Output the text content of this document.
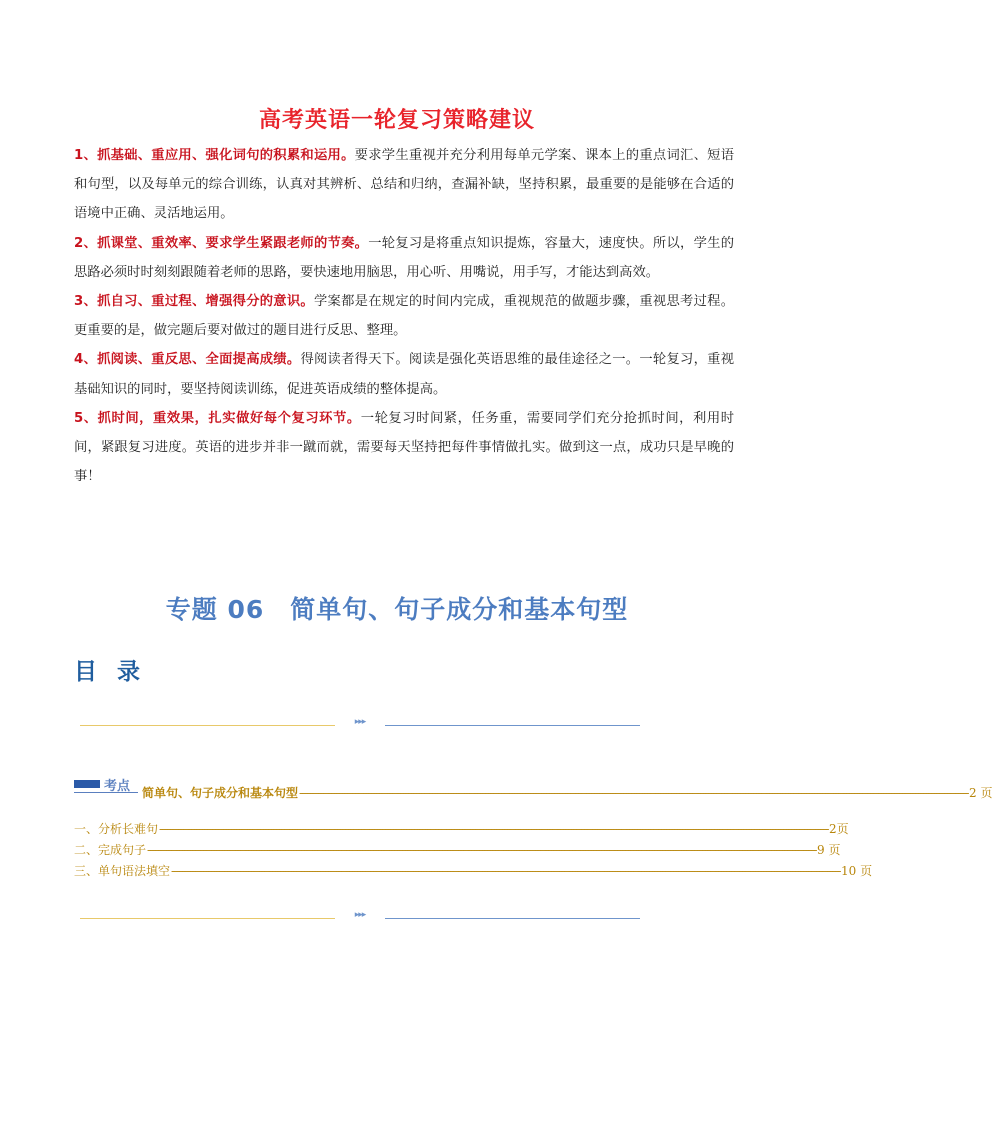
高考英语一轮复习策略建议

1、抓基础、重应用、强化词句的积累和运用。要求学生重视并充分利用每单元学案、课本上的重点词汇、短语和句型，以及每单元的综合训练，认真对其辨析、总结和归纳，查漏补缺，坚持积累，最重要的是能够在合适的语境中正确、灵活地运用。

2、抓课堂、重效率、要求学生紧跟老师的节奏。一轮复习是将重点知识提炼，容量大，速度快。所以，学生的思路必须时时刻刻跟随着老师的思路，要快速地用脑思，用心听、用嘴说，用手写，才能达到高效。

3、抓自习、重过程、增强得分的意识。学案都是在规定的时间内完成，重视规范的做题步骤，重视思考过程。更重要的是，做完题后要对做过的题目进行反思、整理。

4、抓阅读、重反思、全面提高成绩。得阅读者得天下。阅读是强化英语思维的最佳途径之一。一轮复习，重视基础知识的同时，要坚持阅读训练，促进英语成绩的整体提高。

5、抓时间，重效果，扎实做好每个复习环节。一轮复习时间紧，任务重，需要同学们充分抢抓时间，利用时间，紧跟复习进度。英语的进步并非一蹴而就，需要每天坚持把每件事情做扎实。做到这一点，成功只是早晚的事！

专题 06　简单句、句子成分和基本句型
目 录
▸▸▸
考点 简单句、句子成分和基本句型 ------------------------------------------------------------------------------------------------------------------------------------------------------------------------------------------------------------------------------------------------------------ 2 页
一、分析长难句 ------------------------------------------------------------------------------------------------------------------------------------------------------------------------------------------------------------------------------------------------------------ 2页
二、完成句子 ------------------------------------------------------------------------------------------------------------------------------------------------------------------------------------------------------------------------------------------------------------ 9 页
三、单句语法填空 ------------------------------------------------------------------------------------------------------------------------------------------------------------------------------------------------------------------------------------------------------------ 10 页
▸▸▸
